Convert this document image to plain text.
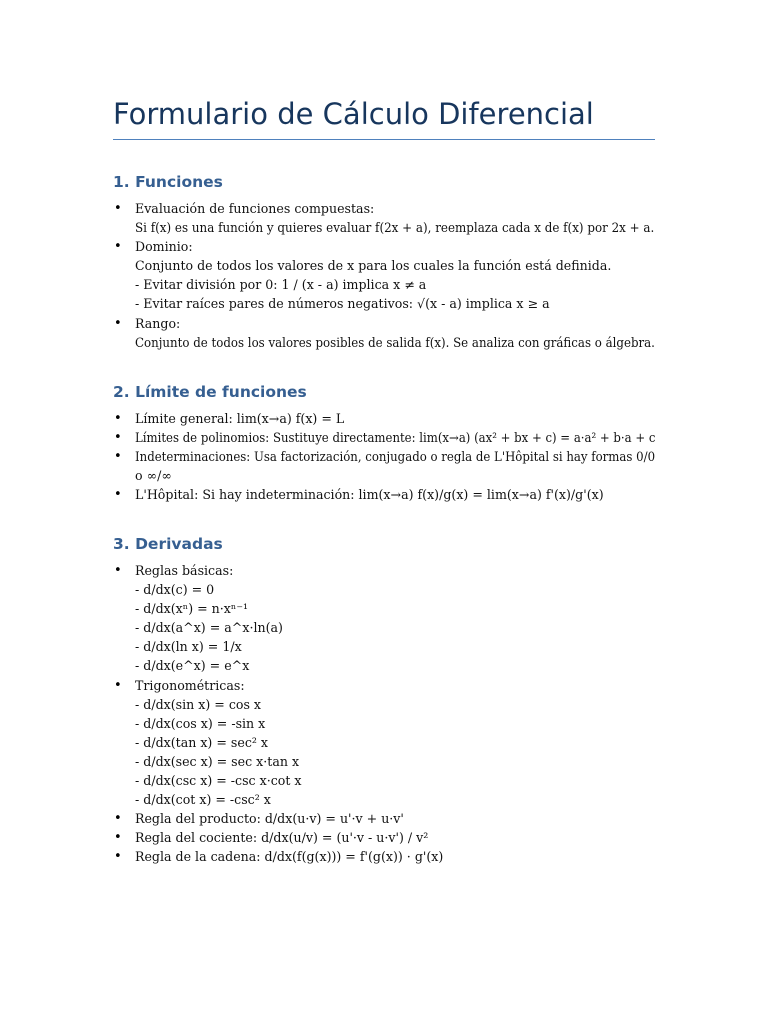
Formulario de Cálculo Diferencial
1. Funciones
• Evaluación de funciones compuestas:
Si f(x) es una función y quieres evaluar f(2x + a), reemplaza cada x de f(x) por 2x + a.
• Dominio:
Conjunto de todos los valores de x para los cuales la función está definida.
- Evitar división por 0: 1 / (x - a) implica x ≠ a
- Evitar raíces pares de números negativos: √(x - a) implica x ≥ a
• Rango:
Conjunto de todos los valores posibles de salida f(x). Se analiza con gráficas o álgebra.
2. Límite de funciones
• Límite general: lim(x→a) f(x) = L
• Límites de polinomios: Sustituye directamente: lim(x→a) (ax² + bx + c) = a·a² + b·a + c
• Indeterminaciones: Usa factorización, conjugado o regla de L'Hôpital si hay formas 0/0
o ∞/∞
• L'Hôpital: Si hay indeterminación: lim(x→a) f(x)/g(x) = lim(x→a) f'(x)/g'(x)
3. Derivadas
• Reglas básicas:
- d/dx(c) = 0
- d/dx(xⁿ) = n·xⁿ⁻¹
- d/dx(a^x) = a^x·ln(a)
- d/dx(ln x) = 1/x
- d/dx(e^x) = e^x
• Trigonométricas:
- d/dx(sin x) = cos x
- d/dx(cos x) = -sin x
- d/dx(tan x) = sec² x
- d/dx(sec x) = sec x·tan x
- d/dx(csc x) = -csc x·cot x
- d/dx(cot x) = -csc² x
• Regla del producto: d/dx(u·v) = u'·v + u·v'
• Regla del cociente: d/dx(u/v) = (u'·v - u·v') / v²
• Regla de la cadena: d/dx(f(g(x))) = f'(g(x)) · g'(x)
